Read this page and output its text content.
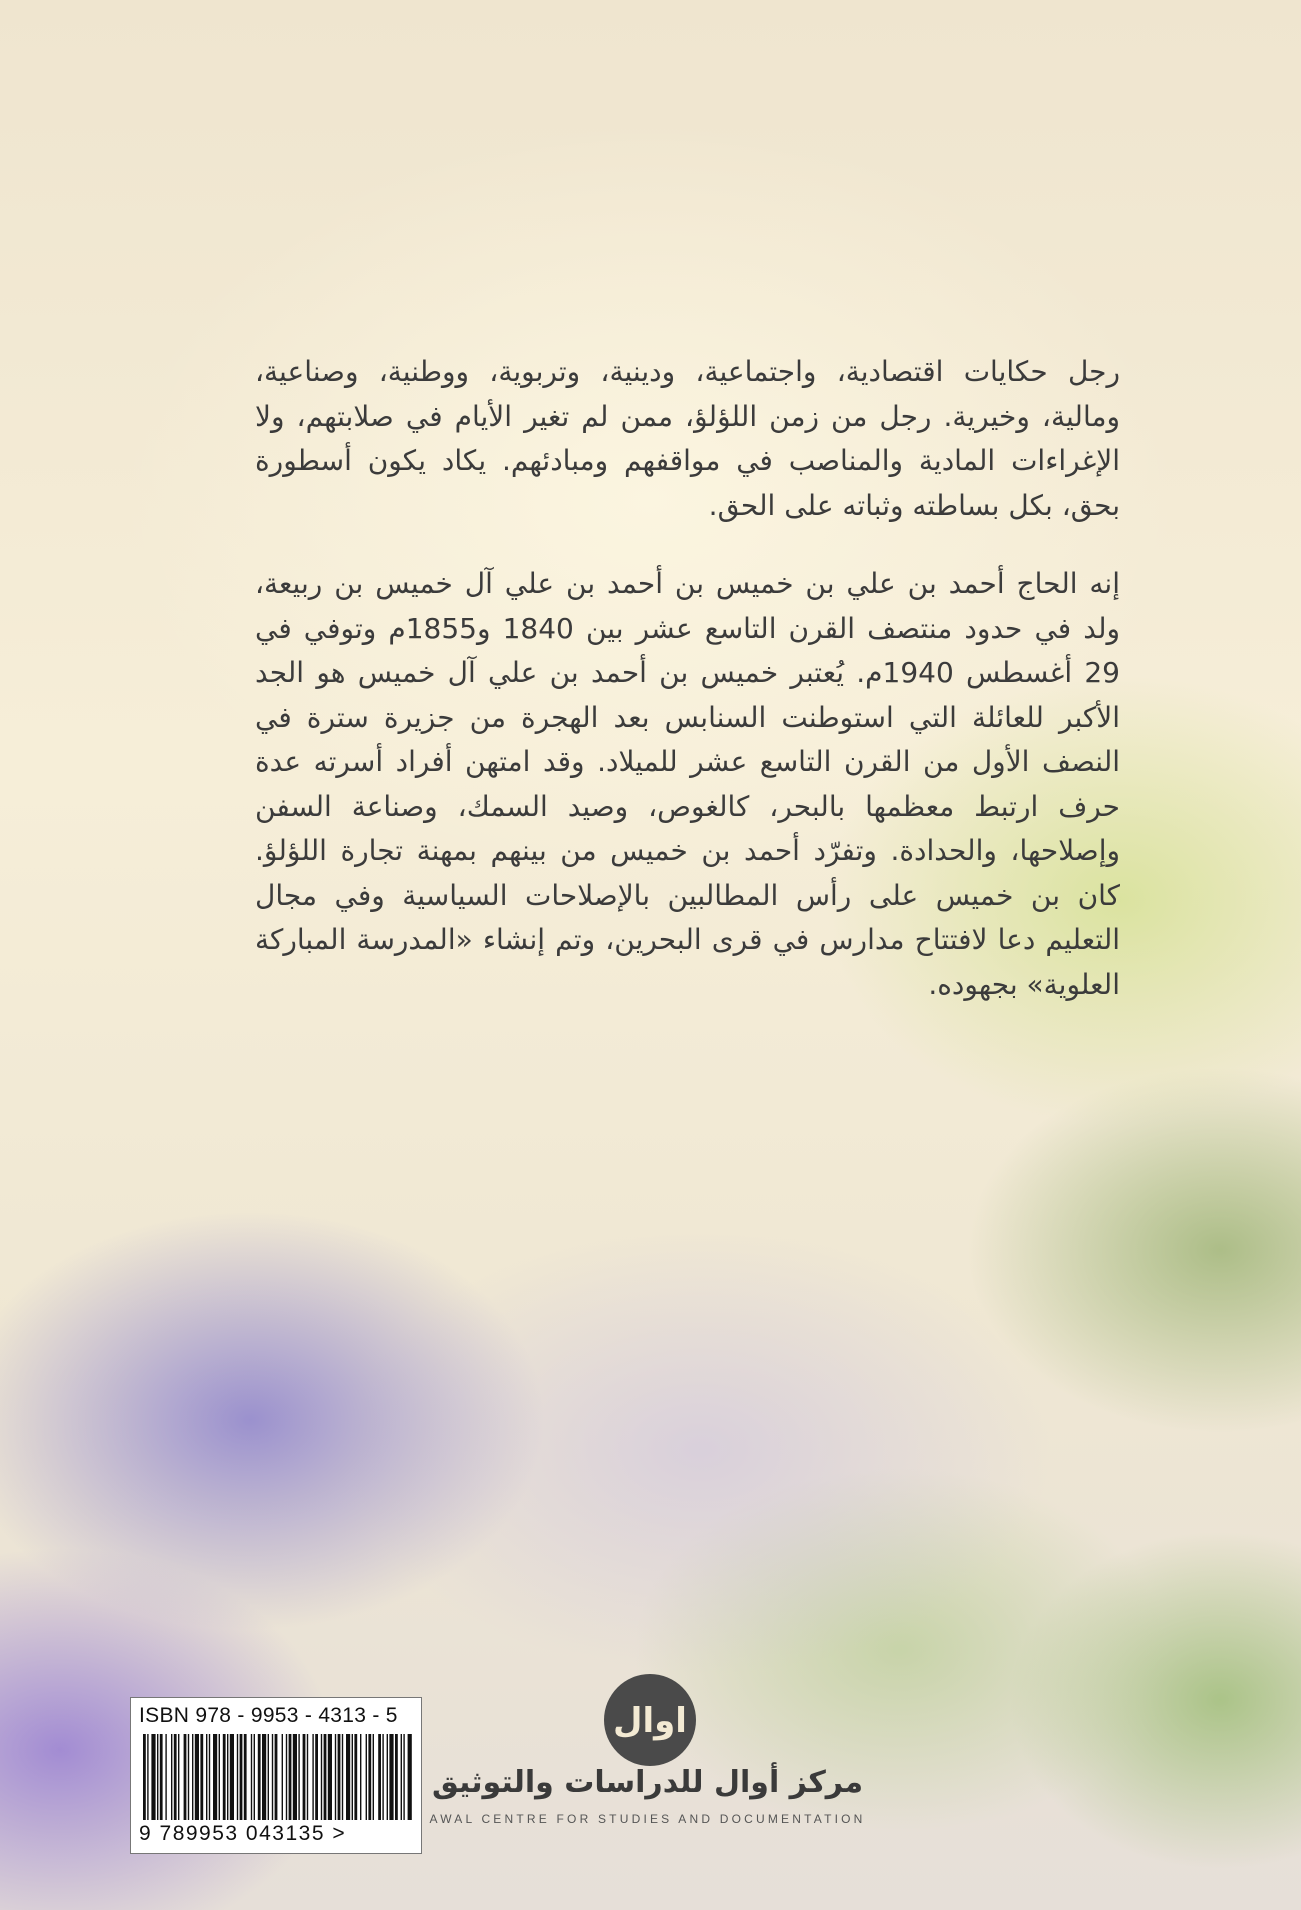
رجل حكايات اقتصادية، واجتماعية، ودينية، وتربوية، ووطنية، وصناعية، ومالية، وخيرية. رجل من زمن اللؤلؤ، ممن لم تغير الأيام في صلابتهم، ولا الإغراءات المادية والمناصب في مواقفهم ومبادئهم. يكاد يكون أسطورة بحق، بكل بساطته وثباته على الحق.

إنه الحاج أحمد بن علي بن خميس بن أحمد بن علي آل خميس بن ربيعة، ولد في حدود منتصف القرن التاسع عشر بين 1840 و1855م وتوفي في 29 أغسطس 1940م. يُعتبر خميس بن أحمد بن علي آل خميس هو الجد الأكبر للعائلة التي استوطنت السنابس بعد الهجرة من جزيرة سترة في النصف الأول من القرن التاسع عشر للميلاد. وقد امتهن أفراد أسرته عدة حرف ارتبط معظمها بالبحر، كالغوص، وصيد السمك، وصناعة السفن وإصلاحها، والحدادة. وتفرّد أحمد بن خميس من بينهم بمهنة تجارة اللؤلؤ. كان بن خميس على رأس المطالبين بالإصلاحات السياسية وفي مجال التعليم دعا لافتتاح مدارس في قرى البحرين، وتم إنشاء «المدرسة المباركة العلوية» بجهوده.

ISBN 978 - 9953 - 4313 - 5
9 789953 043135 >
اوال
مركز أوال للدراسات والتوثيق
AWAL CENTRE FOR STUDIES AND DOCUMENTATION
